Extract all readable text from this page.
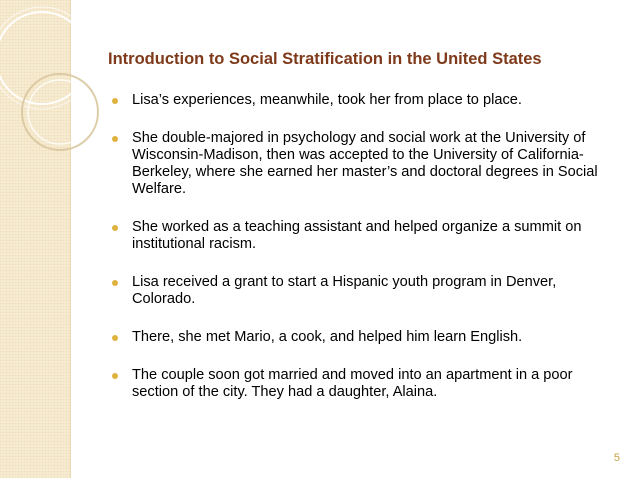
Introduction to Social Stratification in the United States
Lisa’s experiences, meanwhile, took her from place to place.
She double-majored in psychology and social work at the University of Wisconsin-Madison, then was accepted to the University of California-Berkeley, where she earned her master’s and doctoral degrees in Social Welfare.
She worked as a teaching assistant and helped organize a summit on institutional racism.
Lisa received a grant to start a Hispanic youth program in Denver, Colorado.
There, she met Mario, a cook, and helped him learn English.
The couple soon got married and moved into an apartment in a poor section of the city. They had a daughter, Alaina.
5
